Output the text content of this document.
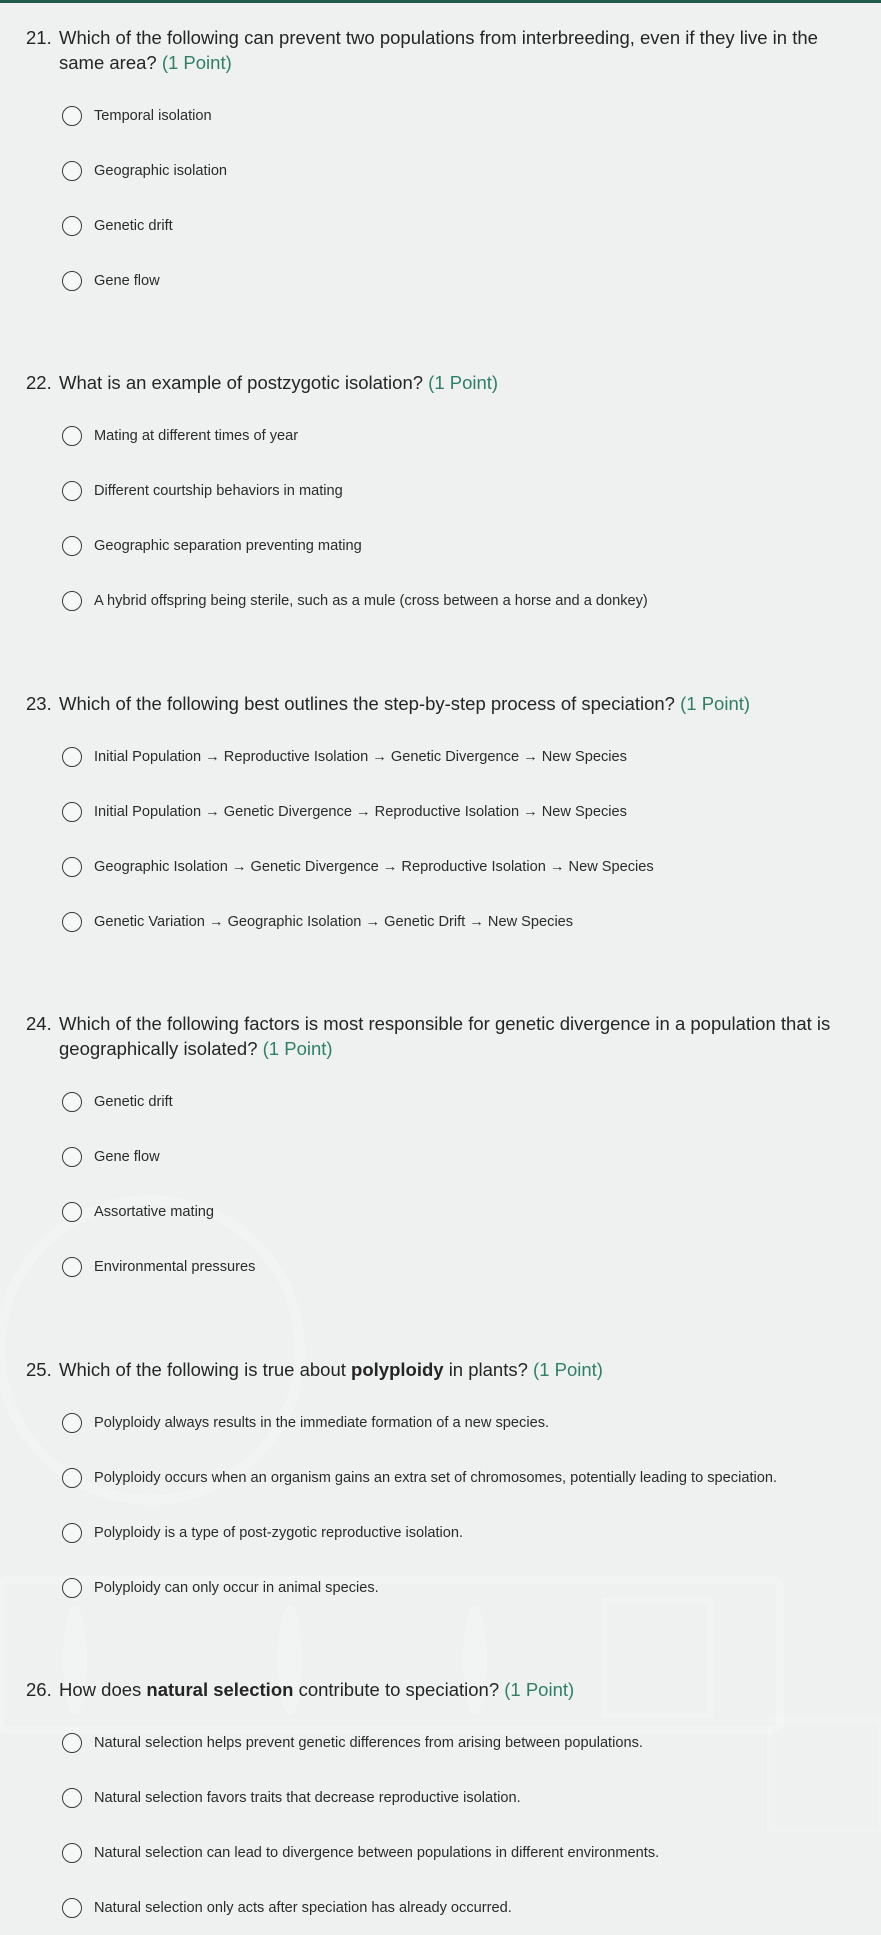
21. Which of the following can prevent two populations from interbreeding, even if they live in the same area? (1 Point)
Temporal isolation
Geographic isolation
Genetic drift
Gene flow
22. What is an example of postzygotic isolation? (1 Point)
Mating at different times of year
Different courtship behaviors in mating
Geographic separation preventing mating
A hybrid offspring being sterile, such as a mule (cross between a horse and a donkey)
23. Which of the following best outlines the step-by-step process of speciation? (1 Point)
Initial Population → Reproductive Isolation → Genetic Divergence → New Species
Initial Population → Genetic Divergence → Reproductive Isolation → New Species
Geographic Isolation → Genetic Divergence → Reproductive Isolation → New Species
Genetic Variation → Geographic Isolation → Genetic Drift → New Species
24. Which of the following factors is most responsible for genetic divergence in a population that is geographically isolated? (1 Point)
Genetic drift
Gene flow
Assortative mating
Environmental pressures
25. Which of the following is true about polyploidy in plants? (1 Point)
Polyploidy always results in the immediate formation of a new species.
Polyploidy occurs when an organism gains an extra set of chromosomes, potentially leading to speciation.
Polyploidy is a type of post-zygotic reproductive isolation.
Polyploidy can only occur in animal species.
26. How does natural selection contribute to speciation? (1 Point)
Natural selection helps prevent genetic differences from arising between populations.
Natural selection favors traits that decrease reproductive isolation.
Natural selection can lead to divergence between populations in different environments.
Natural selection only acts after speciation has already occurred.
